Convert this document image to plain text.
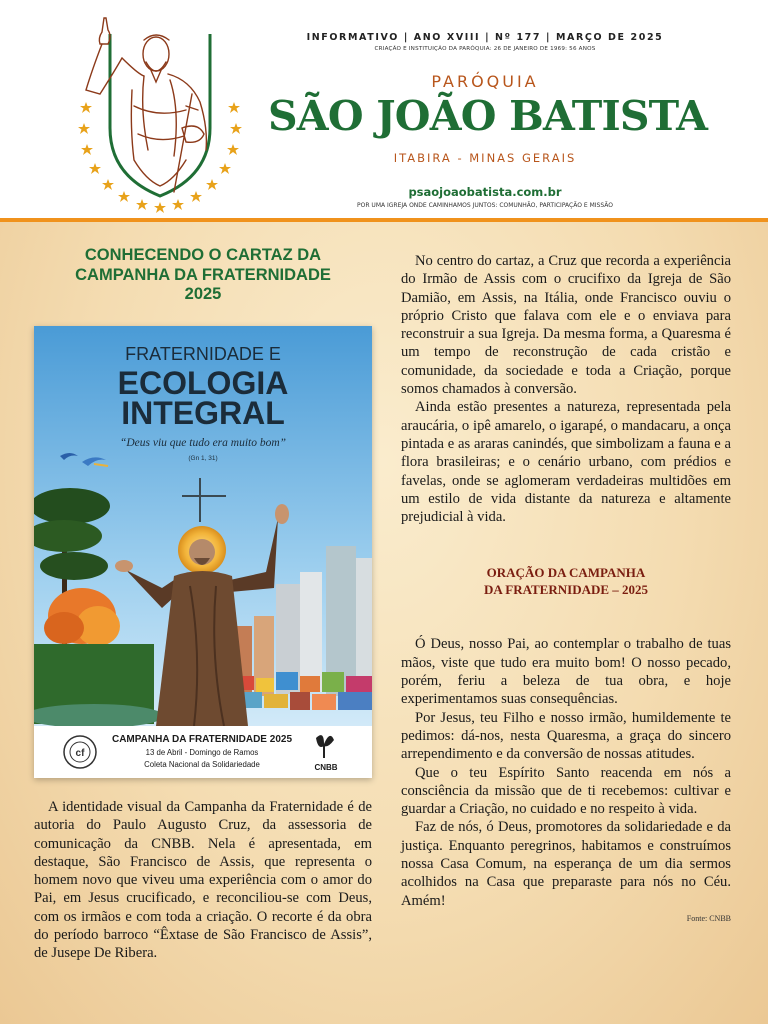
INFORMATIVO | ANO XVIII | Nº 177 | MARÇO DE 2025
CRIAÇÃO E INSTITUIÇÃO DA PARÓQUIA: 26 DE JANEIRO DE 1969: 56 ANOS
PARÓQUIA
SÃO JOÃO BATISTA
ITABIRA - MINAS GERAIS
psaojoaobatista.com.br
POR UMA IGREJA ONDE CAMINHAMOS JUNTOS: COMUNHÃO, PARTICIPAÇÃO E MISSÃO
CONHECENDO O CARTAZ DA
CAMPANHA DA FRATERNIDADE
2025
FRATERNIDADE E
ECOLOGIA
INTEGRAL
“Deus viu que tudo era muito bom”
(Gn 1, 31)
cf
CAMPANHA DA FRATERNIDADE 2025
13 de Abril - Domingo de Ramos
Coleta Nacional da Solidariedade	CNBB

A identidade visual da Campanha da Fraternidade é de autoria do Paulo Augusto Cruz, da assessoria de comunicação da CNBB. Nela é apresentada, em destaque, São Francisco de Assis, que representa o homem novo que viveu uma experiência com o amor do Pai, em Jesus crucificado, e reconciliou-se com Deus, com os irmãos e com toda a criação. O recorte é da obra do período barroco “Êxtase de São Francisco de Assis”, de Jusepe De Ribera.

No centro do cartaz, a Cruz que recorda a experiência do Irmão de Assis com o crucifixo da Igreja de São Damião, em Assis, na Itália, onde Francisco ouviu o próprio Cristo que falava com ele e o enviava para reconstruir a sua Igreja. Da mesma forma, a Quaresma é um tempo de reconstrução de cada cristão e comunidade, da sociedade e toda a Criação, porque somos chamados à conversão.

Ainda estão presentes a natureza, representada pela araucária, o ipê amarelo, o igarapé, o mandacaru, a onça pintada e as araras canindés, que simbolizam a fauna e a flora brasileiras; e o cenário urbano, com prédios e favelas, onde se aglomeram verdadeiras multidões em um estilo de vida distante da natureza e altamente prejudicial à vida.

ORAÇÃO DA CAMPANHA
DA FRATERNIDADE – 2025

Ó Deus, nosso Pai, ao contemplar o trabalho de tuas mãos, viste que tudo era muito bom! O nosso pecado, porém, feriu a beleza de tua obra, e hoje experimentamos suas consequências.

Por Jesus, teu Filho e nosso irmão, humildemente te pedimos: dá-nos, nesta Quaresma, a graça do sincero arrependimento e da conversão de nossas atitudes.

Que o teu Espírito Santo reacenda em nós a consciência da missão que de ti recebemos: cultivar e guardar a Criação, no cuidado e no respeito à vida.

Faz de nós, ó Deus, promotores da solidariedade e da justiça. Enquanto peregrinos, habitamos e construímos nossa Casa Comum, na esperança de um dia sermos acolhidos na Casa que preparaste para nós no Céu. Amém!

Fonte: CNBB
